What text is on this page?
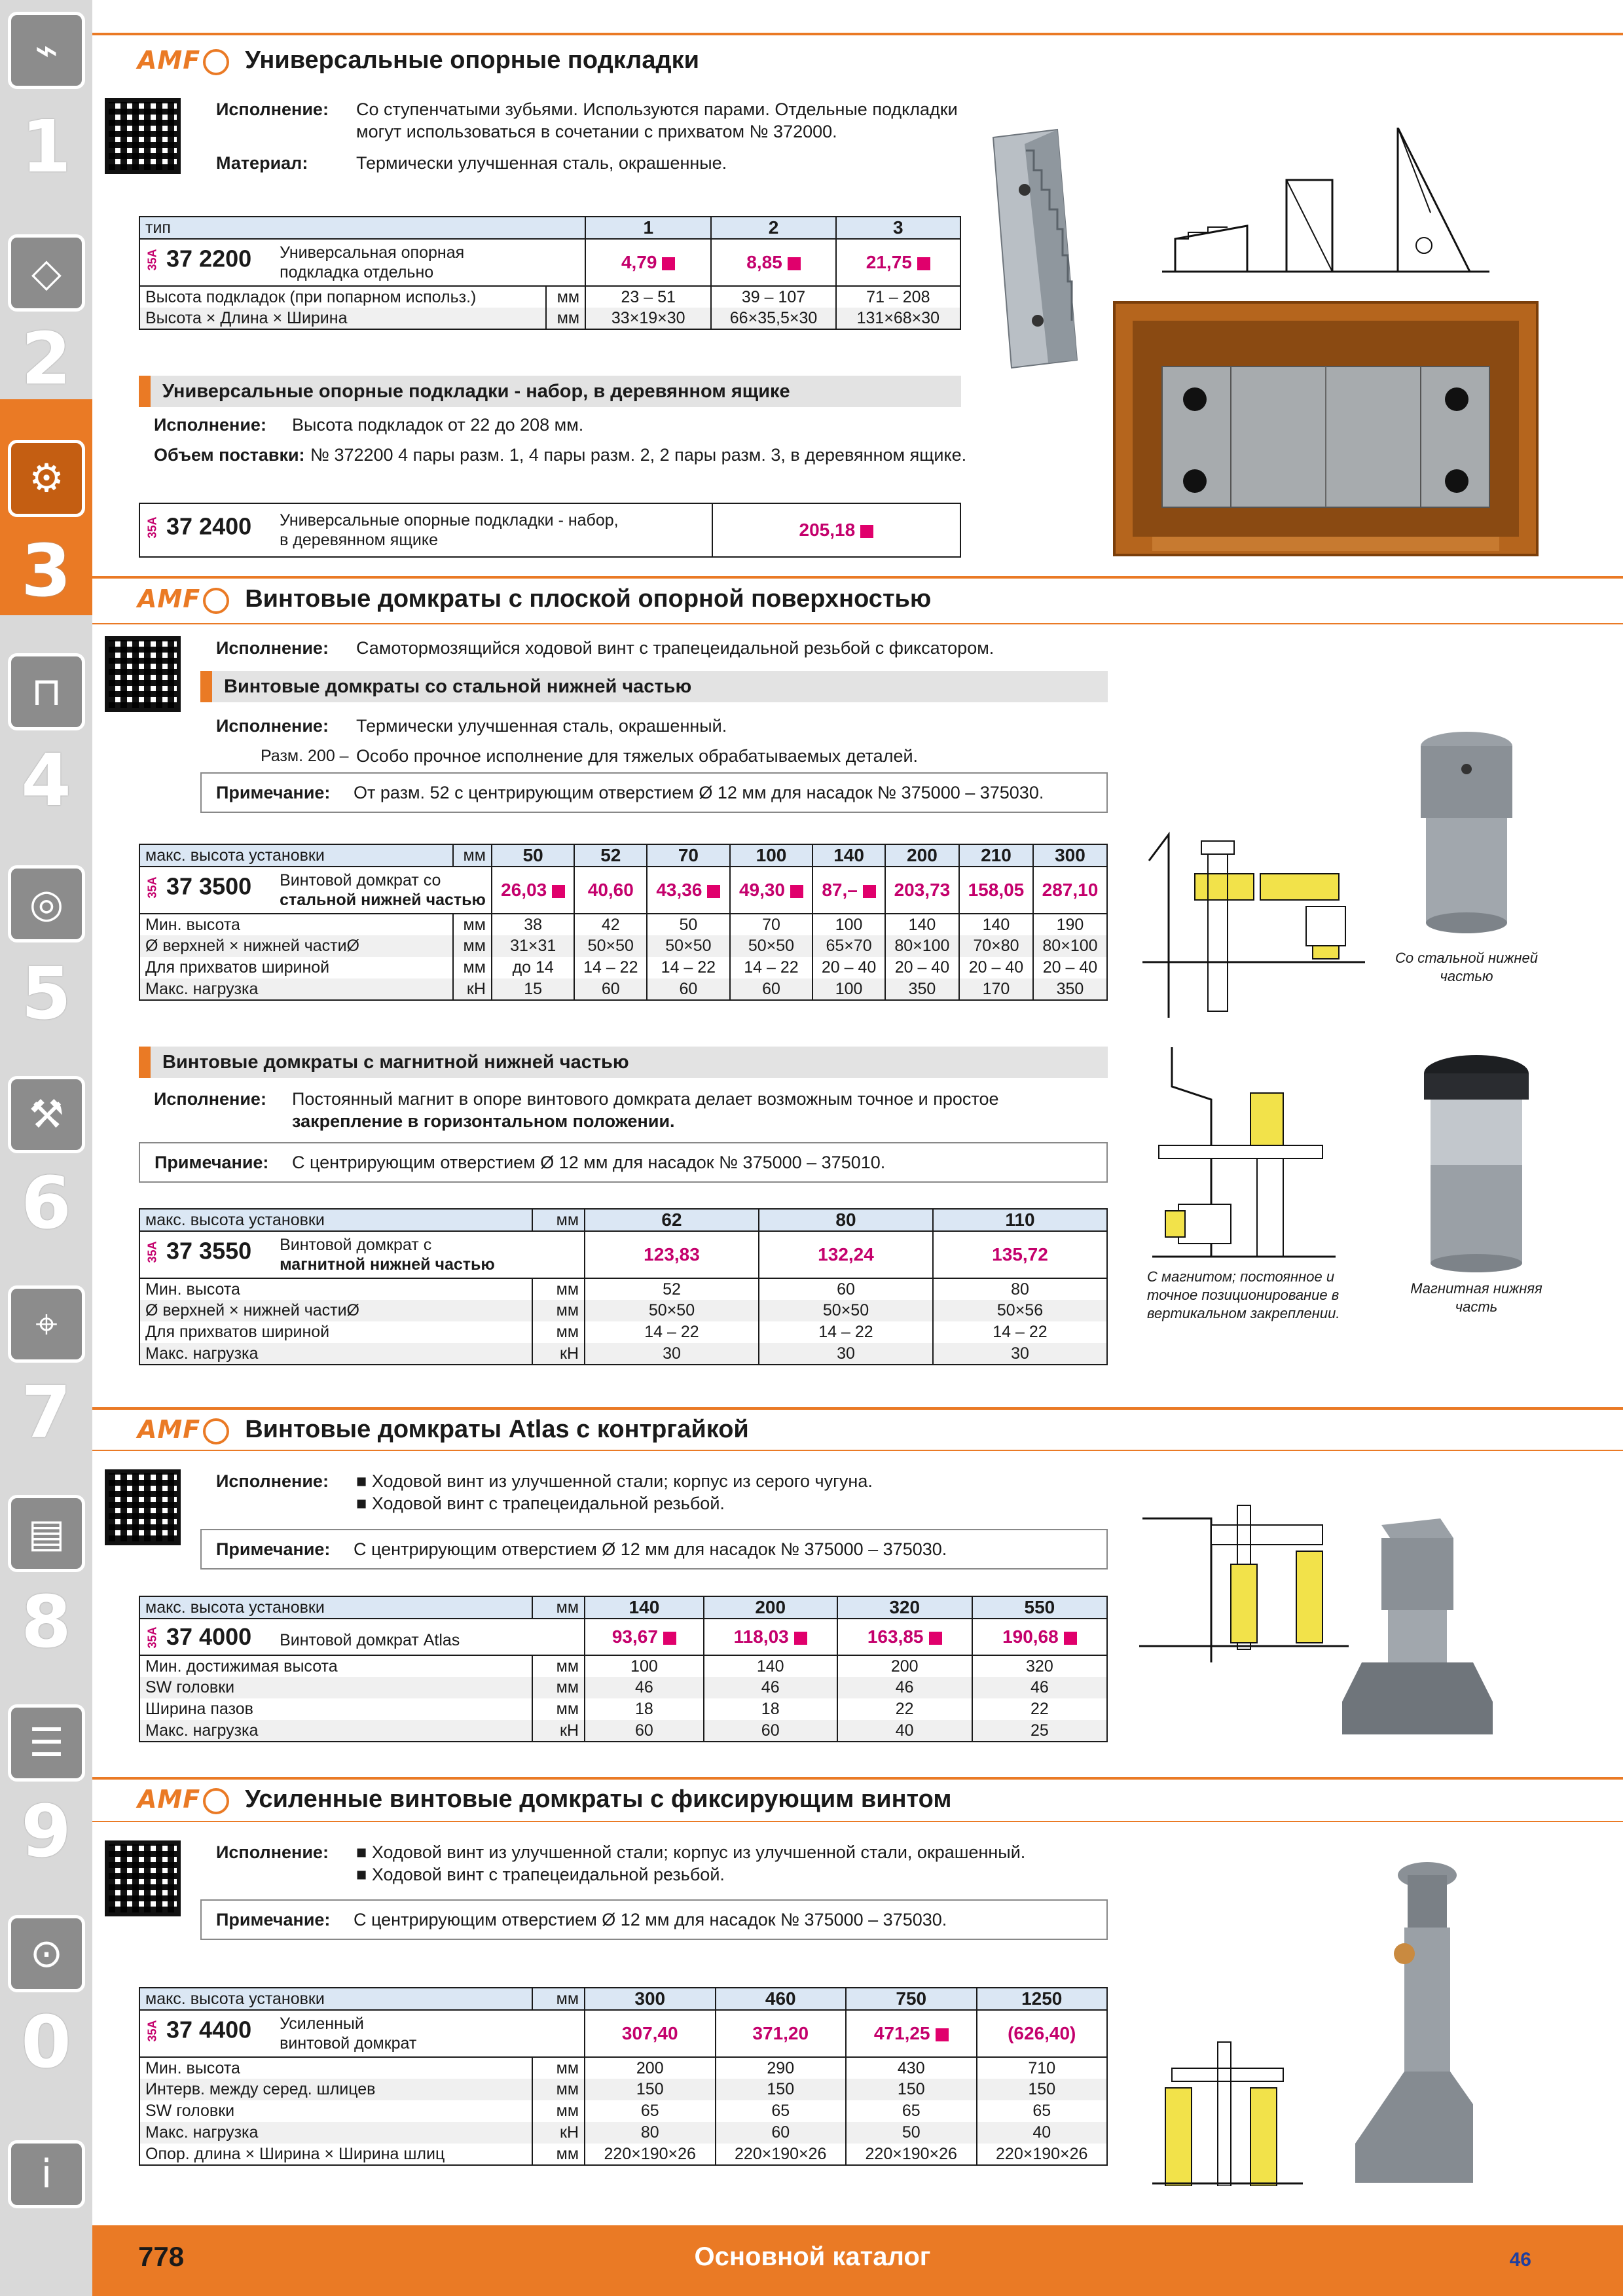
⌁
1
◇
2
⚙
3
⊓
4
◎
5
⚒
6
⌖
7
▤
8
☰
9
⊙
0
i
AMF	Универсальные опорные подкладки
Исполнение: Со ступенчатыми зубьями. Используются парами. Отдельные подкладки
могут использоваться в сочетании с прихватом № 372000.
Материал:	Термически улучшенная сталь, окрашенные.
тип		1	2	3
35A 37 2200 Универсальная опорная
подкладка отдельно		4,79	8,85	21,75
Высота подкладок (при попарном использ.)	мм	23 – 51	39 – 107	71 – 208
Высота × Длина × Ширина	мм	33×19×30	66×35,5×30	131×68×30
Универсальные опорные подкладки - набор, в деревянном ящике
Исполнение: Высота подкладок от 22 до 208 мм.
Объем поставки: № 372200 4 пары разм. 1, 4 пары разм. 2, 2 пары разм. 3, в деревянном ящике.
35A 37 2400 Универсальные опорные подкладки - набор,
в деревянном ящике	205,18
AMF	Винтовые домкраты с плоской опорной поверхностью
Исполнение: Самотормозящийся ходовой винт с трапецеидальной резьбой с фиксатором.
Винтовые домкраты со стальной нижней частью
Исполнение: Термически улучшенная сталь, окрашенный.
Разм. 200 – Особо прочное исполнение для тяжелых обрабатываемых деталей.
Примечание:	От разм. 52 с центрирующим отверстием Ø 12 мм для насадок № 375000 – 375030.
макс. высота установки	мм	50	52	70	100	140	200	210	300
35A 37 3500 Винтовой домкрат со
стальной нижней частью		26,03	40,60	43,36	49,30	87,–	203,73	158,05	287,10
Мин. высота	мм	38	42	50	70	100	140	140	190
Ø верхней × нижней частиØ	мм	31×31	50×50	50×50	50×50	65×70	80×100	70×80	80×100
Для прихватов шириной	мм	до 14	14 – 22	14 – 22	14 – 22	20 – 40	20 – 40	20 – 40	20 – 40
Макс. нагрузка	кН	15	60	60	60	100	350	170	350
Со стальной нижней частью
Винтовые домкраты с магнитной нижней частью
Исполнение: Постоянный магнит в опоре винтового домкрата делает возможным точное и простое
закрепление в горизонтальном положении.
Примечание:	С центрирующим отверстием Ø 12 мм для насадок № 375000 – 375010.
макс. высота установки	мм	62	80	110
35A 37 3550 Винтовой домкрат с
магнитной нижней частью		123,83	132,24	135,72
Мин. высота	мм	52	60	80
Ø верхней × нижней частиØ	мм	50×50	50×50	50×56
Для прихватов шириной	мм	14 – 22	14 – 22	14 – 22
Макс. нагрузка	кН	30	30	30
С магнитом; постоянное и точное позиционирование в вертикальном закреплении.
Магнитная нижняя часть
AMF	Винтовые домкраты Atlas с контргайкой
Исполнение: ■ Ходовой винт из улучшенной стали; корпус из серого чугуна.
■ Ходовой винт с трапецеидальной резьбой.
Примечание:	С центрирующим отверстием Ø 12 мм для насадок № 375000 – 375030.
макс. высота установки	мм	140	200	320	550
35A 37 4000 Винтовой домкрат Atlas		93,67	118,03	163,85	190,68
Мин. достижимая высота	мм	100	140	200	320
SW головки	мм	46	46	46	46
Ширина пазов	мм	18	18	22	22
Макс. нагрузка	кН	60	60	40	25
AMF	Усиленные винтовые домкраты с фиксирующим винтом
Исполнение: ■ Ходовой винт из улучшенной стали; корпус из улучшенной стали, окрашенный.
■ Ходовой винт с трапецеидальной резьбой.
Примечание:	С центрирующим отверстием Ø 12 мм для насадок № 375000 – 375030.
макс. высота установки	мм	300	460	750	1250
35A 37 4400 Усиленный
винтовой домкрат		307,40	371,20	471,25	(626,40)
Мин. высота	мм	200	290	430	710
Интерв. между серед. шлицев	мм	150	150	150	150
SW головки	мм	65	65	65	65
Макс. нагрузка	кН	80	60	50	40
Опор. длина × Ширина × Ширина шлиц	мм	220×190×26	220×190×26	220×190×26	220×190×26
778	Основной каталог	46
